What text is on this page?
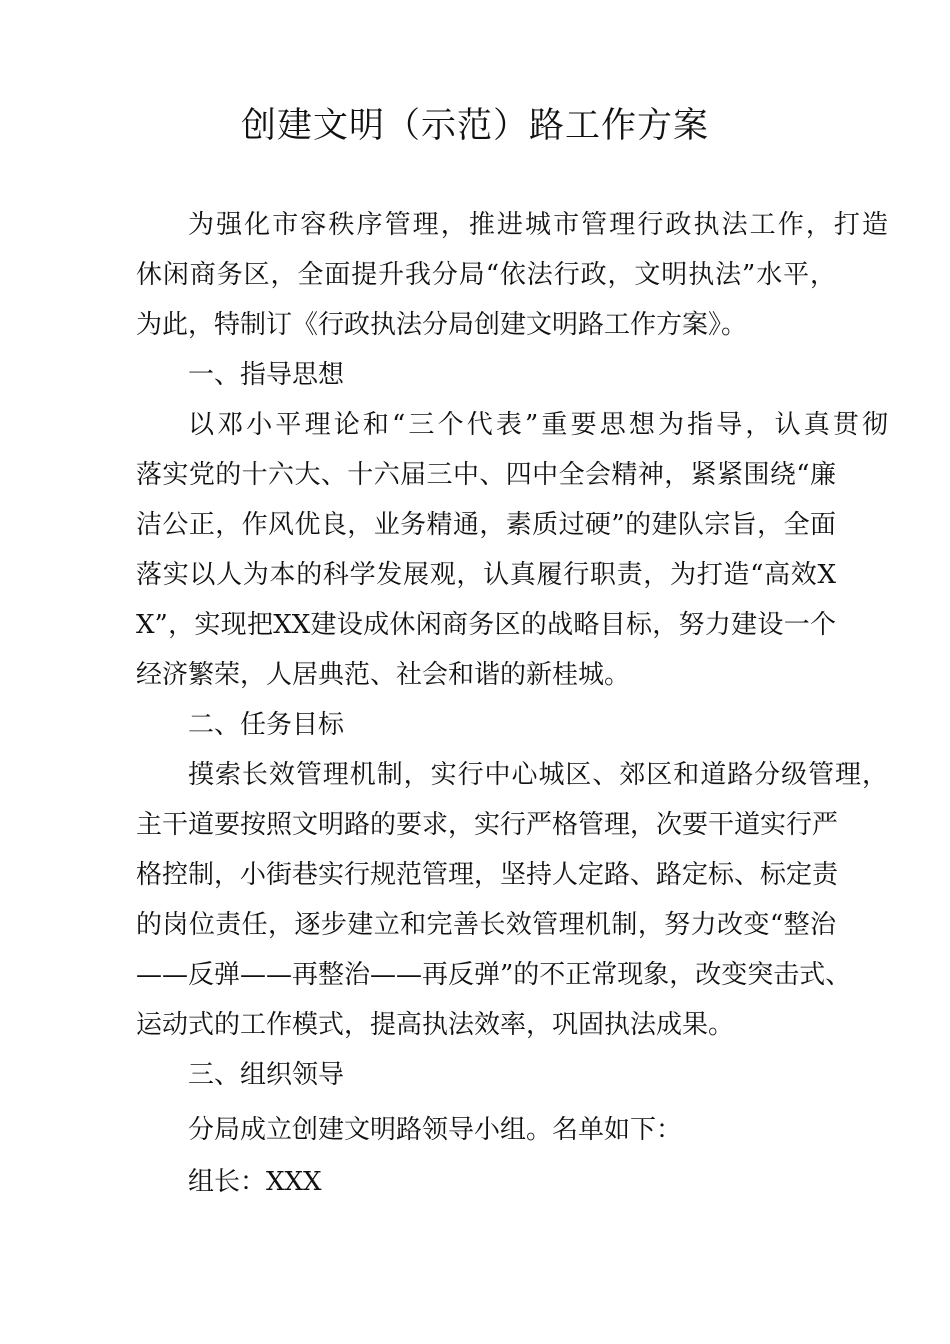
创建文明（示范）路工作方案
为强化市容秩序管理，推进城市管理行政执法工作，打造
休闲商务区，全面提升我分局“依法行政，文明执法”水平，
为此，特制订《行政执法分局创建文明路工作方案》。
一、指导思想
以邓小平理论和“三个代表”重要思想为指导，认真贯彻
落实党的十六大、十六届三中、四中全会精神，紧紧围绕“廉
洁公正，作风优良，业务精通，素质过硬”的建队宗旨，全面
落实以人为本的科学发展观，认真履行职责，为打造“高效X
X”，实现把XX建设成休闲商务区的战略目标，努力建设一个
经济繁荣，人居典范、社会和谐的新桂城。
二、任务目标
摸索长效管理机制，实行中心城区、郊区和道路分级管理，
主干道要按照文明路的要求，实行严格管理，次要干道实行严
格控制，小街巷实行规范管理，坚持人定路、路定标、标定责
的岗位责任，逐步建立和完善长效管理机制，努力改变“整治
——反弹——再整治——再反弹”的不正常现象，改变突击式、
运动式的工作模式，提高执法效率，巩固执法成果。
三、组织领导
分局成立创建文明路领导小组。名单如下：
组长：XXX
